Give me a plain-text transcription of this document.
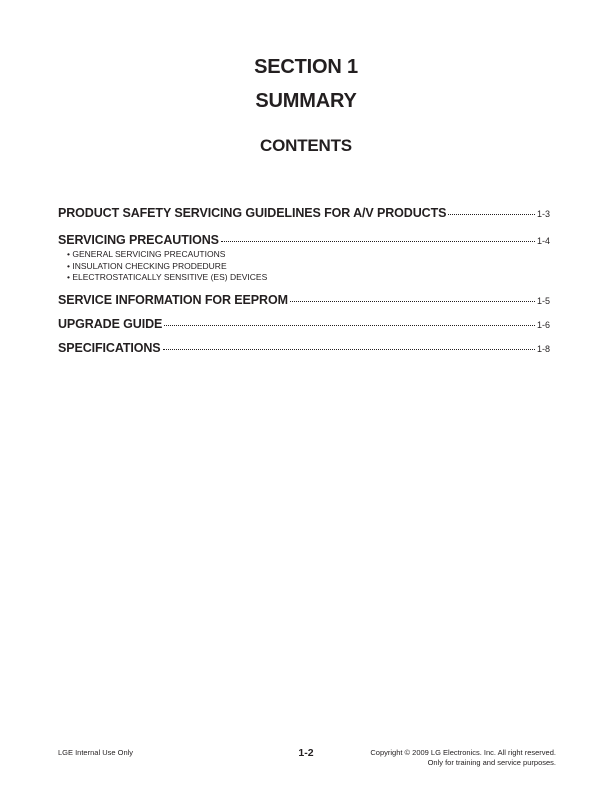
SECTION 1
SUMMARY
CONTENTS
PRODUCT SAFETY SERVICING GUIDELINES FOR A/V PRODUCTS	1-3
SERVICING PRECAUTIONS	1-4
• GENERAL SERVICING PRECAUTIONS
• INSULATION CHECKING PRODEDURE
• ELECTROSTATICALLY SENSITIVE (ES) DEVICES
SERVICE INFORMATION FOR EEPROM	1-5
UPGRADE GUIDE	1-6
SPECIFICATIONS	1-8
LGE Internal Use Only	1-2	Copyright © 2009 LG Electronics. Inc. All right reserved.
Only for training and service purposes.
